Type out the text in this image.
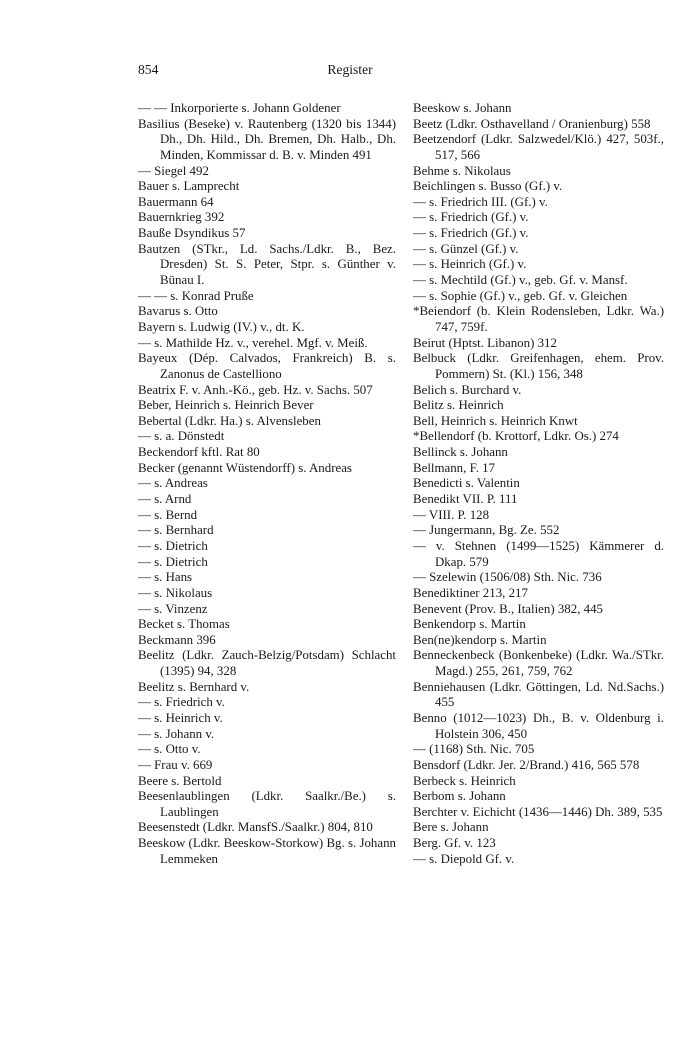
854	Register
— — Inkorporierte s. Johann Goldener
Basilius (Beseke) v. Rautenberg (1320 bis 1344) Dh., Dh. Hild., Dh. Bremen, Dh. Halb., Dh. Minden, Kommissar d. B. v. Minden 491
— Siegel 492
Bauer s. Lamprecht
Bauermann 64
Bauernkrieg 392
Baußе Dsyndikus 57
Bautzen (STkr., Ld. Sachs./Ldkr. B., Bez. Dresden) St. S. Peter, Stpr. s. Günther v. Bünau I.
— — s. Konrad Pruße
Bavarus s. Otto
Bayern s. Ludwig (IV.) v., dt. K.
— s. Mathilde Hz. v., verehel. Mgf. v. Meiß.
Bayeux (Dép. Calvados, Frankreich) B. s. Zanonus de Castelliono
Beatrix F. v. Anh.-Kö., geb. Hz. v. Sachs. 507
Beber, Heinrich s. Heinrich Bever
Bebertal (Ldkr. Ha.) s. Alvensleben
— s. a. Dönstedt
Beckendorf kftl. Rat 80
Becker (genannt Wüstendorff) s. Andreas
— s. Andreas
— s. Arnd
— s. Bernd
— s. Bernhard
— s. Dietrich
— s. Dietrich
— s. Hans
— s. Nikolaus
— s. Vinzenz
Becket s. Thomas
Beckmann 396
Beelitz (Ldkr. Zauch-Belzig/Potsdam) Schlacht (1395) 94, 328
Beelitz s. Bernhard v.
— s. Friedrich v.
— s. Heinrich v.
— s. Johann v.
— s. Otto v.
— Frau v. 669
Beere s. Bertold
Beesenlaublingen (Ldkr. Saalkr./Be.) s. Laublingen
Beesenstedt (Ldkr. MansfS./Saalkr.) 804, 810
Beeskow (Ldkr. Beeskow-Storkow) Bg. s. Johann Lemmeken
Beeskow s. Johann
Beetz (Ldkr. Osthavelland / Oranienburg) 558
Beetzendorf (Ldkr. Salzwedel/Klö.) 427, 503f., 517, 566
Behme s. Nikolaus
Beichlingen s. Busso (Gf.) v.
— s. Friedrich III. (Gf.) v.
— s. Friedrich (Gf.) v.
— s. Friedrich (Gf.) v.
— s. Günzel (Gf.) v.
— s. Heinrich (Gf.) v.
— s. Mechtild (Gf.) v., geb. Gf. v. Mansf.
— s. Sophie (Gf.) v., geb. Gf. v. Gleichen
*Beiendorf (b. Klein Rodensleben, Ldkr. Wa.) 747, 759f.
Beirut (Hptst. Libanon) 312
Belbuck (Ldkr. Greifenhagen, ehem. Prov. Pommern) St. (Kl.) 156, 348
Belich s. Burchard v.
Belitz s. Heinrich
Bell, Heinrich s. Heinrich Knwt
*Bellendorf (b. Krottorf, Ldkr. Os.) 274
Bellinck s. Johann
Bellmann, F. 17
Benedicti s. Valentin
Benedikt VII. P. 111
— VIII. P. 128
— Jungermann, Bg. Ze. 552
— v. Stehnen (1499—1525) Kämmerer d. Dkap. 579
— Szelewin (1506/08) Sth. Nic. 736
Benediktiner 213, 217
Benevent (Prov. B., Italien) 382, 445
Benkendorp s. Martin
Ben(ne)kendorp s. Martin
Benneckenbeck (Bonkenbeke) (Ldkr. Wa./STkr. Magd.) 255, 261, 759, 762
Benniehausen (Ldkr. Göttingen, Ld. Nd.Sachs.) 455
Benno (1012—1023) Dh., B. v. Oldenburg i. Holstein 306, 450
— (1168) Sth. Nic. 705
Bensdorf (Ldkr. Jer. 2/Brand.) 416, 565 578
Berbeck s. Heinrich
Berbom s. Johann
Berchter v. Eichicht (1436—1446) Dh. 389, 535
Bere s. Johann
Berg. Gf. v. 123
— s. Diepold Gf. v.
